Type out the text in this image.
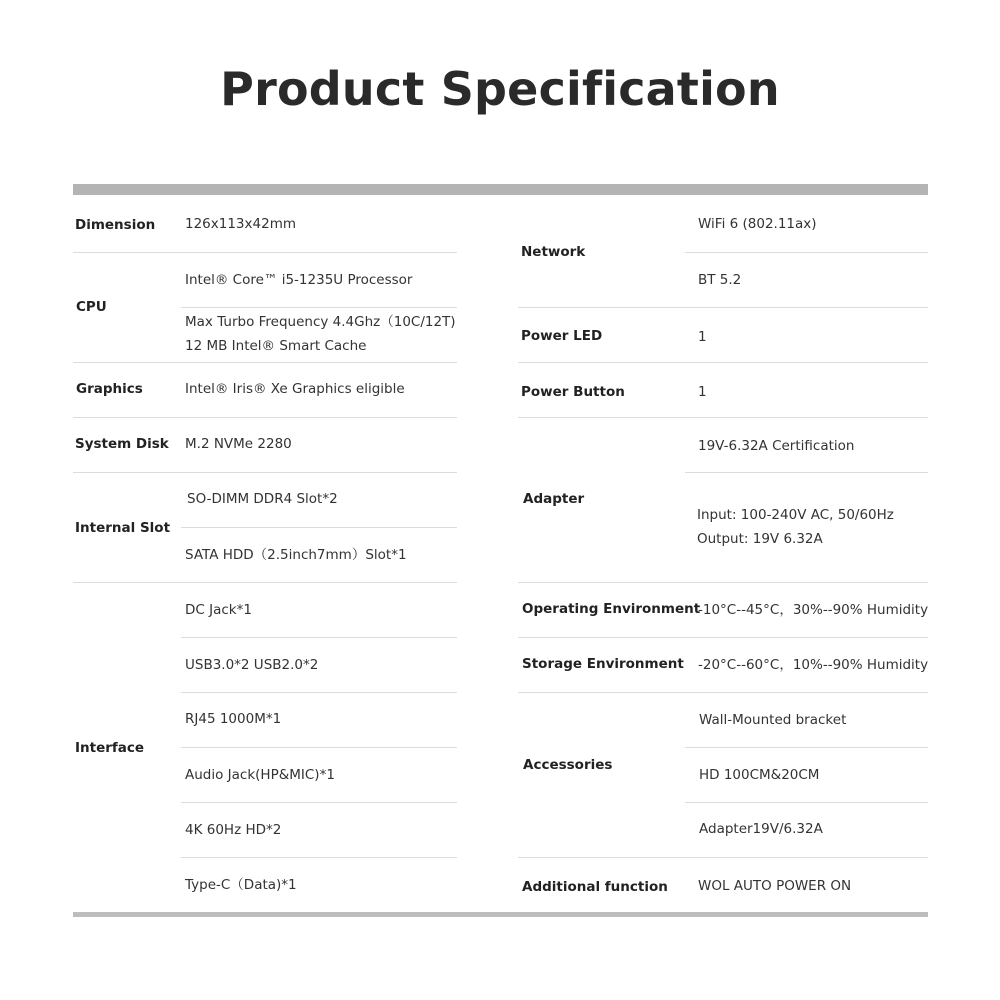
Product Specification
Dimension
CPU
Graphics
System Disk
Internal Slot
Interface
126x113x42mm
Intel® Core™ i5-1235U Processor
Max Turbo Frequency 4.4Ghz（10C/12T)
12 MB Intel® Smart Cache
Intel® Iris® Xe Graphics eligible
M.2 NVMe 2280
SO-DIMM DDR4 Slot*2
SATA HDD（2.5inch7mm）Slot*1
DC Jack*1
USB3.0*2 USB2.0*2
RJ45 1000M*1
Audio Jack(HP&MIC)*1
4K 60Hz HD*2
Type-C（Data)*1
Network
Power LED
Power Button
Adapter
Operating Environment
Storage Environment
Accessories
Additional function
WiFi 6 (802.11ax)
BT 5.2
1
1
19V-6.32A Certification
Input: 100-240V AC, 50/60Hz
Output: 19V 6.32A
-10°C--45°C，30%--90% Humidity
-20°C--60°C，10%--90% Humidity
Wall-Mounted bracket
HD 100CM&20CM
Adapter19V/6.32A
WOL AUTO POWER ON
